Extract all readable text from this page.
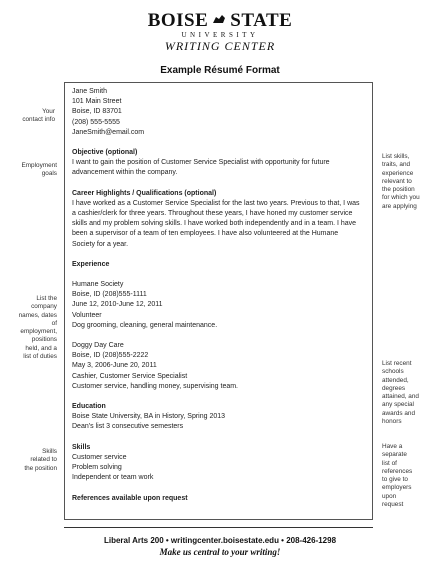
BOISE STATE
UNIVERSITY
WRITING CENTER
Example Résumé Format
Jane Smith
101 Main Street
Boise, ID 83701
(208) 555-5555
JaneSmith@email.com
Objective (optional)
I want to gain the position of Customer Service Specialist with opportunity for future
advancement within the company.
Career Highlights / Qualifications (optional)
I have worked as a Customer Service Specialist for the last two years. Previous to that, I was
a cashier/clerk for three years. Throughout these years, I have honed my customer service
skills and my problem solving skills. I have worked both independently and in a team. I have
been a supervisor of a team of ten employees. I have also volunteered at the Humane
Society for a year.
Experience
Humane Society
Boise, ID (208)555-1111
June 12, 2010-June 12, 2011
Volunteer
Dog grooming, cleaning, general maintenance.
Doggy Day Care
Boise, ID (208)555-2222
May 3, 2006-June 20, 2011
Cashier, Customer Service Specialist
Customer service, handling money, supervising team.
Education
Boise State University, BA in History, Spring 2013
Dean’s list 3 consecutive semesters
Skills
Customer service
Problem solving
Independent or team work
References available upon request
Your
contact info
Employment
goals
List the
company
names, dates
of
employment,
positions
held, and a
list of duties
Skills
related to
the position
List skills,
traits, and
experience
relevant to
the position
for which you
are applying
List recent
schools
attended,
degrees
attained, and
any special
awards and
honors
Have a
separate
list of
references
to give to
employers
upon
request
Liberal Arts 200 • writingcenter.boisestate.edu • 208-426-1298
Make us central to your writing!
